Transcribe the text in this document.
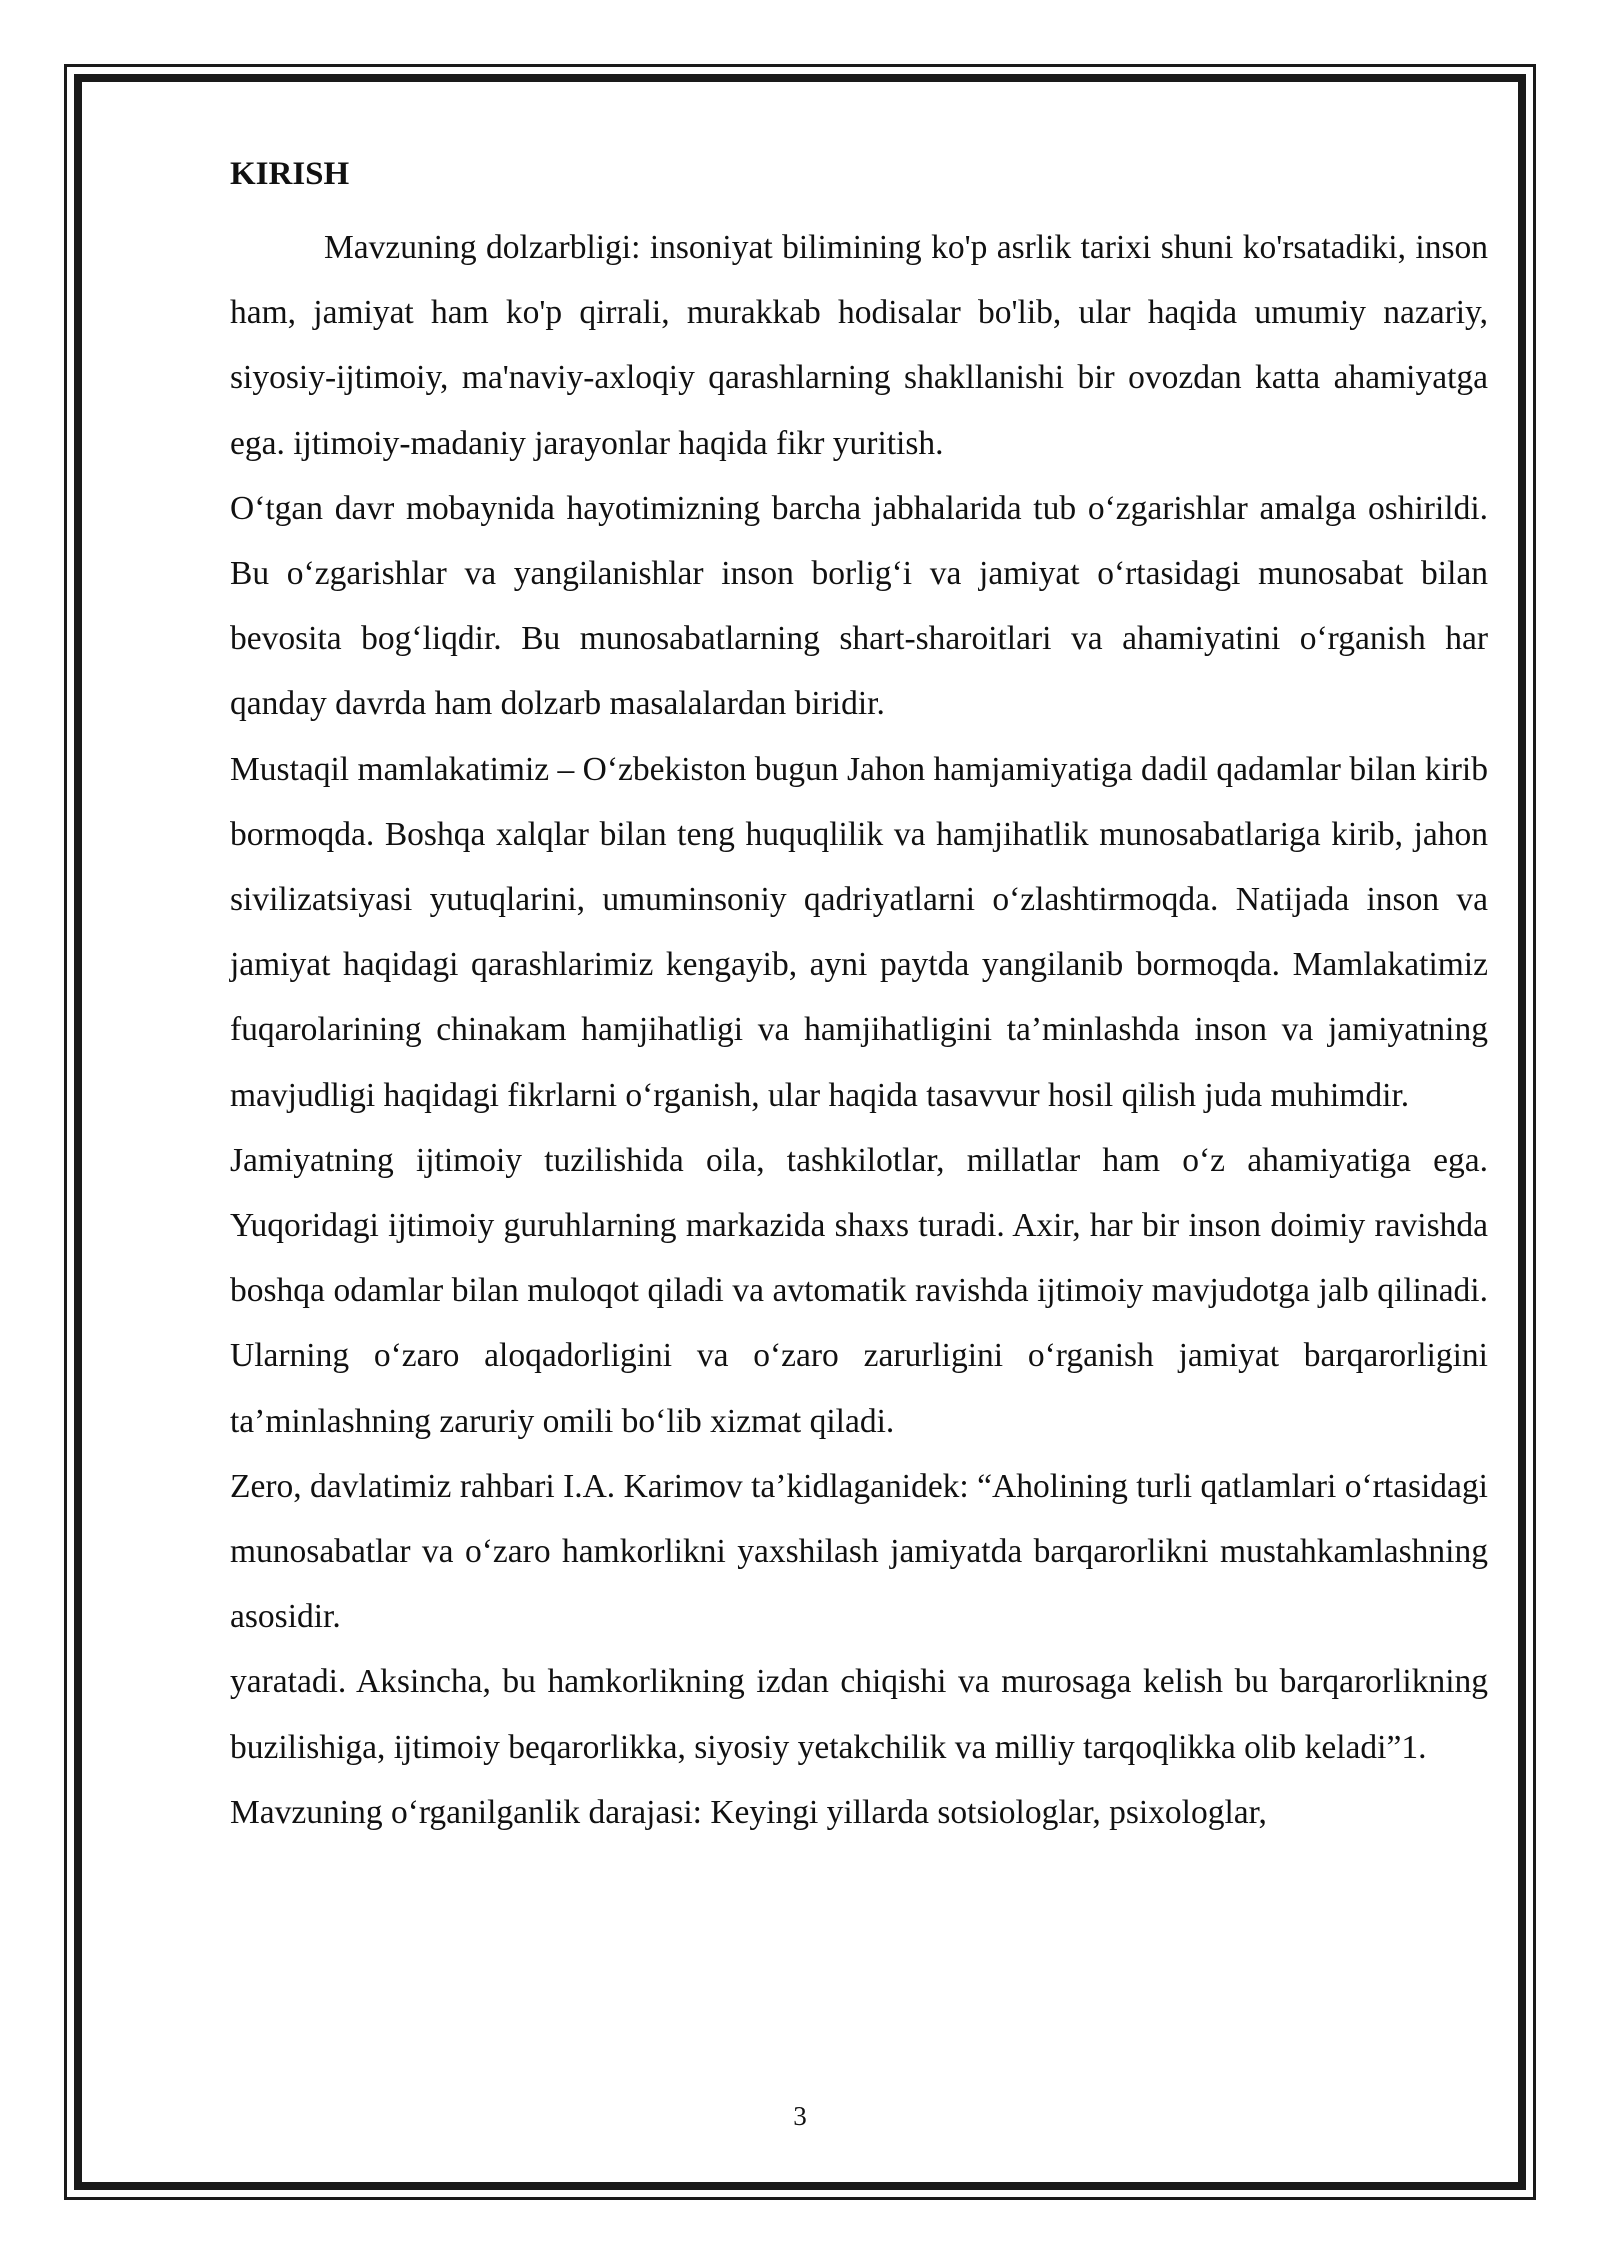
KIRISH

Mavzuning dolzarbligi: insoniyat bilimining ko'p asrlik tarixi shuni ko'rsatadiki, inson ham, jamiyat ham ko'p qirrali, murakkab hodisalar bo'lib, ular haqida umumiy nazariy, siyosiy-ijtimoiy, ma'naviy-axloqiy qarashlarning shakllanishi bir ovozdan katta ahamiyatga ega. ijtimoiy-madaniy jarayonlar haqida fikr yuritish.

O‘tgan davr mobaynida hayotimizning barcha jabhalarida tub o‘zgarishlar amalga oshirildi. Bu o‘zgarishlar va yangilanishlar inson borlig‘i va jamiyat o‘rtasidagi munosabat bilan bevosita bog‘liqdir. Bu munosabatlarning shart-sharoitlari va ahamiyatini o‘rganish har qanday davrda ham dolzarb masalalardan biridir.

Mustaqil mamlakatimiz – O‘zbekiston bugun Jahon hamjamiyatiga dadil qadamlar bilan kirib bormoqda. Boshqa xalqlar bilan teng huquqlilik va hamjihatlik munosabatlariga kirib, jahon sivilizatsiyasi yutuqlarini, umuminsoniy qadriyatlarni o‘zlashtirmoqda. Natijada inson va jamiyat haqidagi qarashlarimiz kengayib, ayni paytda yangilanib bormoqda. Mamlakatimiz fuqarolarining chinakam hamjihatligi va hamjihatligini ta’minlashda inson va jamiyatning mavjudligi haqidagi fikrlarni o‘rganish, ular haqida tasavvur hosil qilish juda muhimdir.

Jamiyatning ijtimoiy tuzilishida oila, tashkilotlar, millatlar ham o‘z ahamiyatiga ega. Yuqoridagi ijtimoiy guruhlarning markazida shaxs turadi. Axir, har bir inson doimiy ravishda boshqa odamlar bilan muloqot qiladi va avtomatik ravishda ijtimoiy mavjudotga jalb qilinadi. Ularning o‘zaro aloqadorligini va o‘zaro zarurligini o‘rganish jamiyat barqarorligini ta’minlashning zaruriy omili bo‘lib xizmat qiladi.

Zero, davlatimiz rahbari I.A. Karimov ta’kidlaganidek: “Aholining turli qatlamlari o‘rtasidagi munosabatlar va o‘zaro hamkorlikni yaxshilash jamiyatda barqarorlikni mustahkamlashning asosidir.

yaratadi. Aksincha, bu hamkorlikning izdan chiqishi va murosaga kelish bu barqarorlikning buzilishiga, ijtimoiy beqarorlikka, siyosiy yetakchilik va milliy tarqoqlikka olib keladi”1.

Mavzuning o‘rganilganlik darajasi: Keyingi yillarda sotsiologlar, psixologlar,

3
